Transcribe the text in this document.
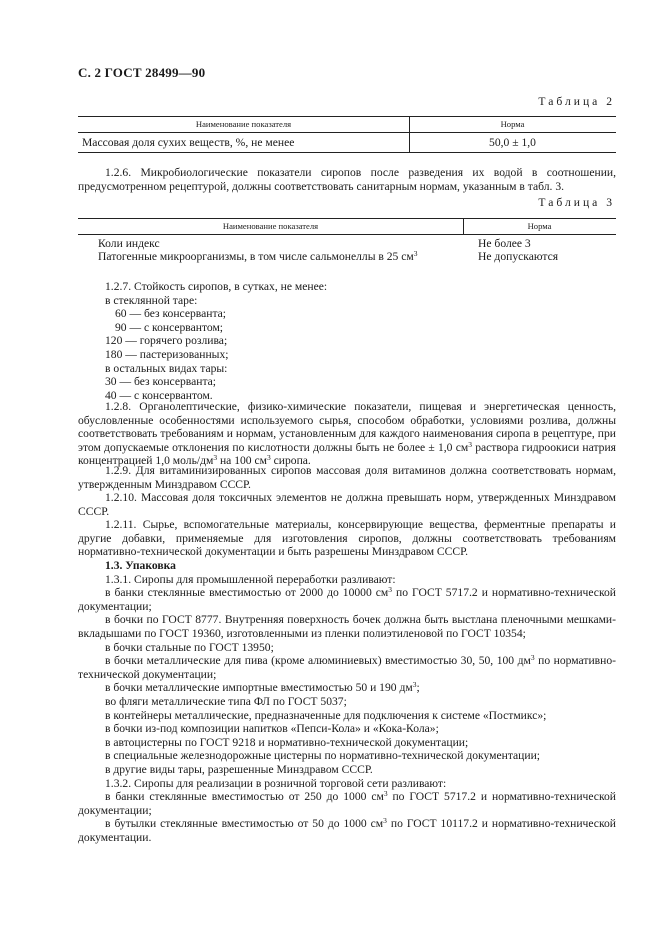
С. 2 ГОСТ 28499—90
Таблица 2
Наименование показателя	Норма
Массовая доля сухих веществ, %, не менее	50,0 ± 1,0

1.2.6. Микробиологические показатели сиропов после разведения их водой в соотношении, предусмотренном рецептурой, должны соответствовать санитарным нормам, указанным в табл. 3.

Таблица 3
Наименование показателя	Норма
Коли индекс	Не более 3
Патогенные микроорганизмы, в том числе сальмонеллы в 25 $см^3$	Не допускаются
1.2.7. Стойкость сиропов, в сутках, не менее:
в стеклянной таре:
60 — без консерванта;
90 — с консервантом;
120 — горячего розлива;
180 — пастеризованных;
в остальных видах тары:
30 — без консерванта;
40 — с консервантом.

1.2.8. Органолептические, физико-химические показатели, пищевая и энергетическая ценность, обусловленные особенностями используемого сырья, способом обработки, условиями розлива, должны соответствовать требованиям и нормам, установленным для каждого наименования сиропа в рецептуре, при этом допускаемые отклонения по кислотности должны быть не более ± 1,0 $см^3$ раствора гидроокиси натрия концентрацией 1,0 моль/$дм^3$ на 100 $см^3$ сиропа.

1.2.9. Для витаминизированных сиропов массовая доля витаминов должна соответствовать нормам, утвержденным Минздравом СССР.

1.2.10. Массовая доля токсичных элементов не должна превышать норм, утвержденных Минздравом СССР.

1.2.11. Сырье, вспомогательные материалы, консервирующие вещества, ферментные препараты и другие добавки, применяемые для изготовления сиропов, должны соответствовать требованиям нормативно-технической документации и быть разрешены Минздравом СССР.

1.3. Упаковка
1.3.1. Сиропы для промышленной переработки разливают:

в банки стеклянные вместимостью от 2000 до 10000 $см^3$ по ГОСТ 5717.2 и нормативно-технической документации;

в бочки по ГОСТ 8777. Внутренняя поверхность бочек должна быть выстлана пленочными мешками-вкладышами по ГОСТ 19360, изготовленными из пленки полиэтиленовой по ГОСТ 10354;

в бочки стальные по ГОСТ 13950;

в бочки металлические для пива (кроме алюминиевых) вместимостью 30, 50, 100 $дм^3$ по нормативно-технической документации;

в бочки металлические импортные вместимостью 50 и 190 $дм^3$;
во фляги металлические типа ФЛ по ГОСТ 5037;
в контейнеры металлические, предназначенные для подключения к системе «Постмикс»;
в бочки из-под композиции напитков «Пепси-Кола» и «Кока-Кола»;
в автоцистерны по ГОСТ 9218 и нормативно-технической документации;
в специальные железнодорожные цистерны по нормативно-технической документации;
в другие виды тары, разрешенные Минздравом СССР.
1.3.2. Сиропы для реализации в розничной торговой сети разливают:

в банки стеклянные вместимостью от 250 до 1000 $см^3$ по ГОСТ 5717.2 и нормативно-технической документации;

в бутылки стеклянные вместимостью от 50 до 1000 $см^3$ по ГОСТ 10117.2 и нормативно-технической документации.
